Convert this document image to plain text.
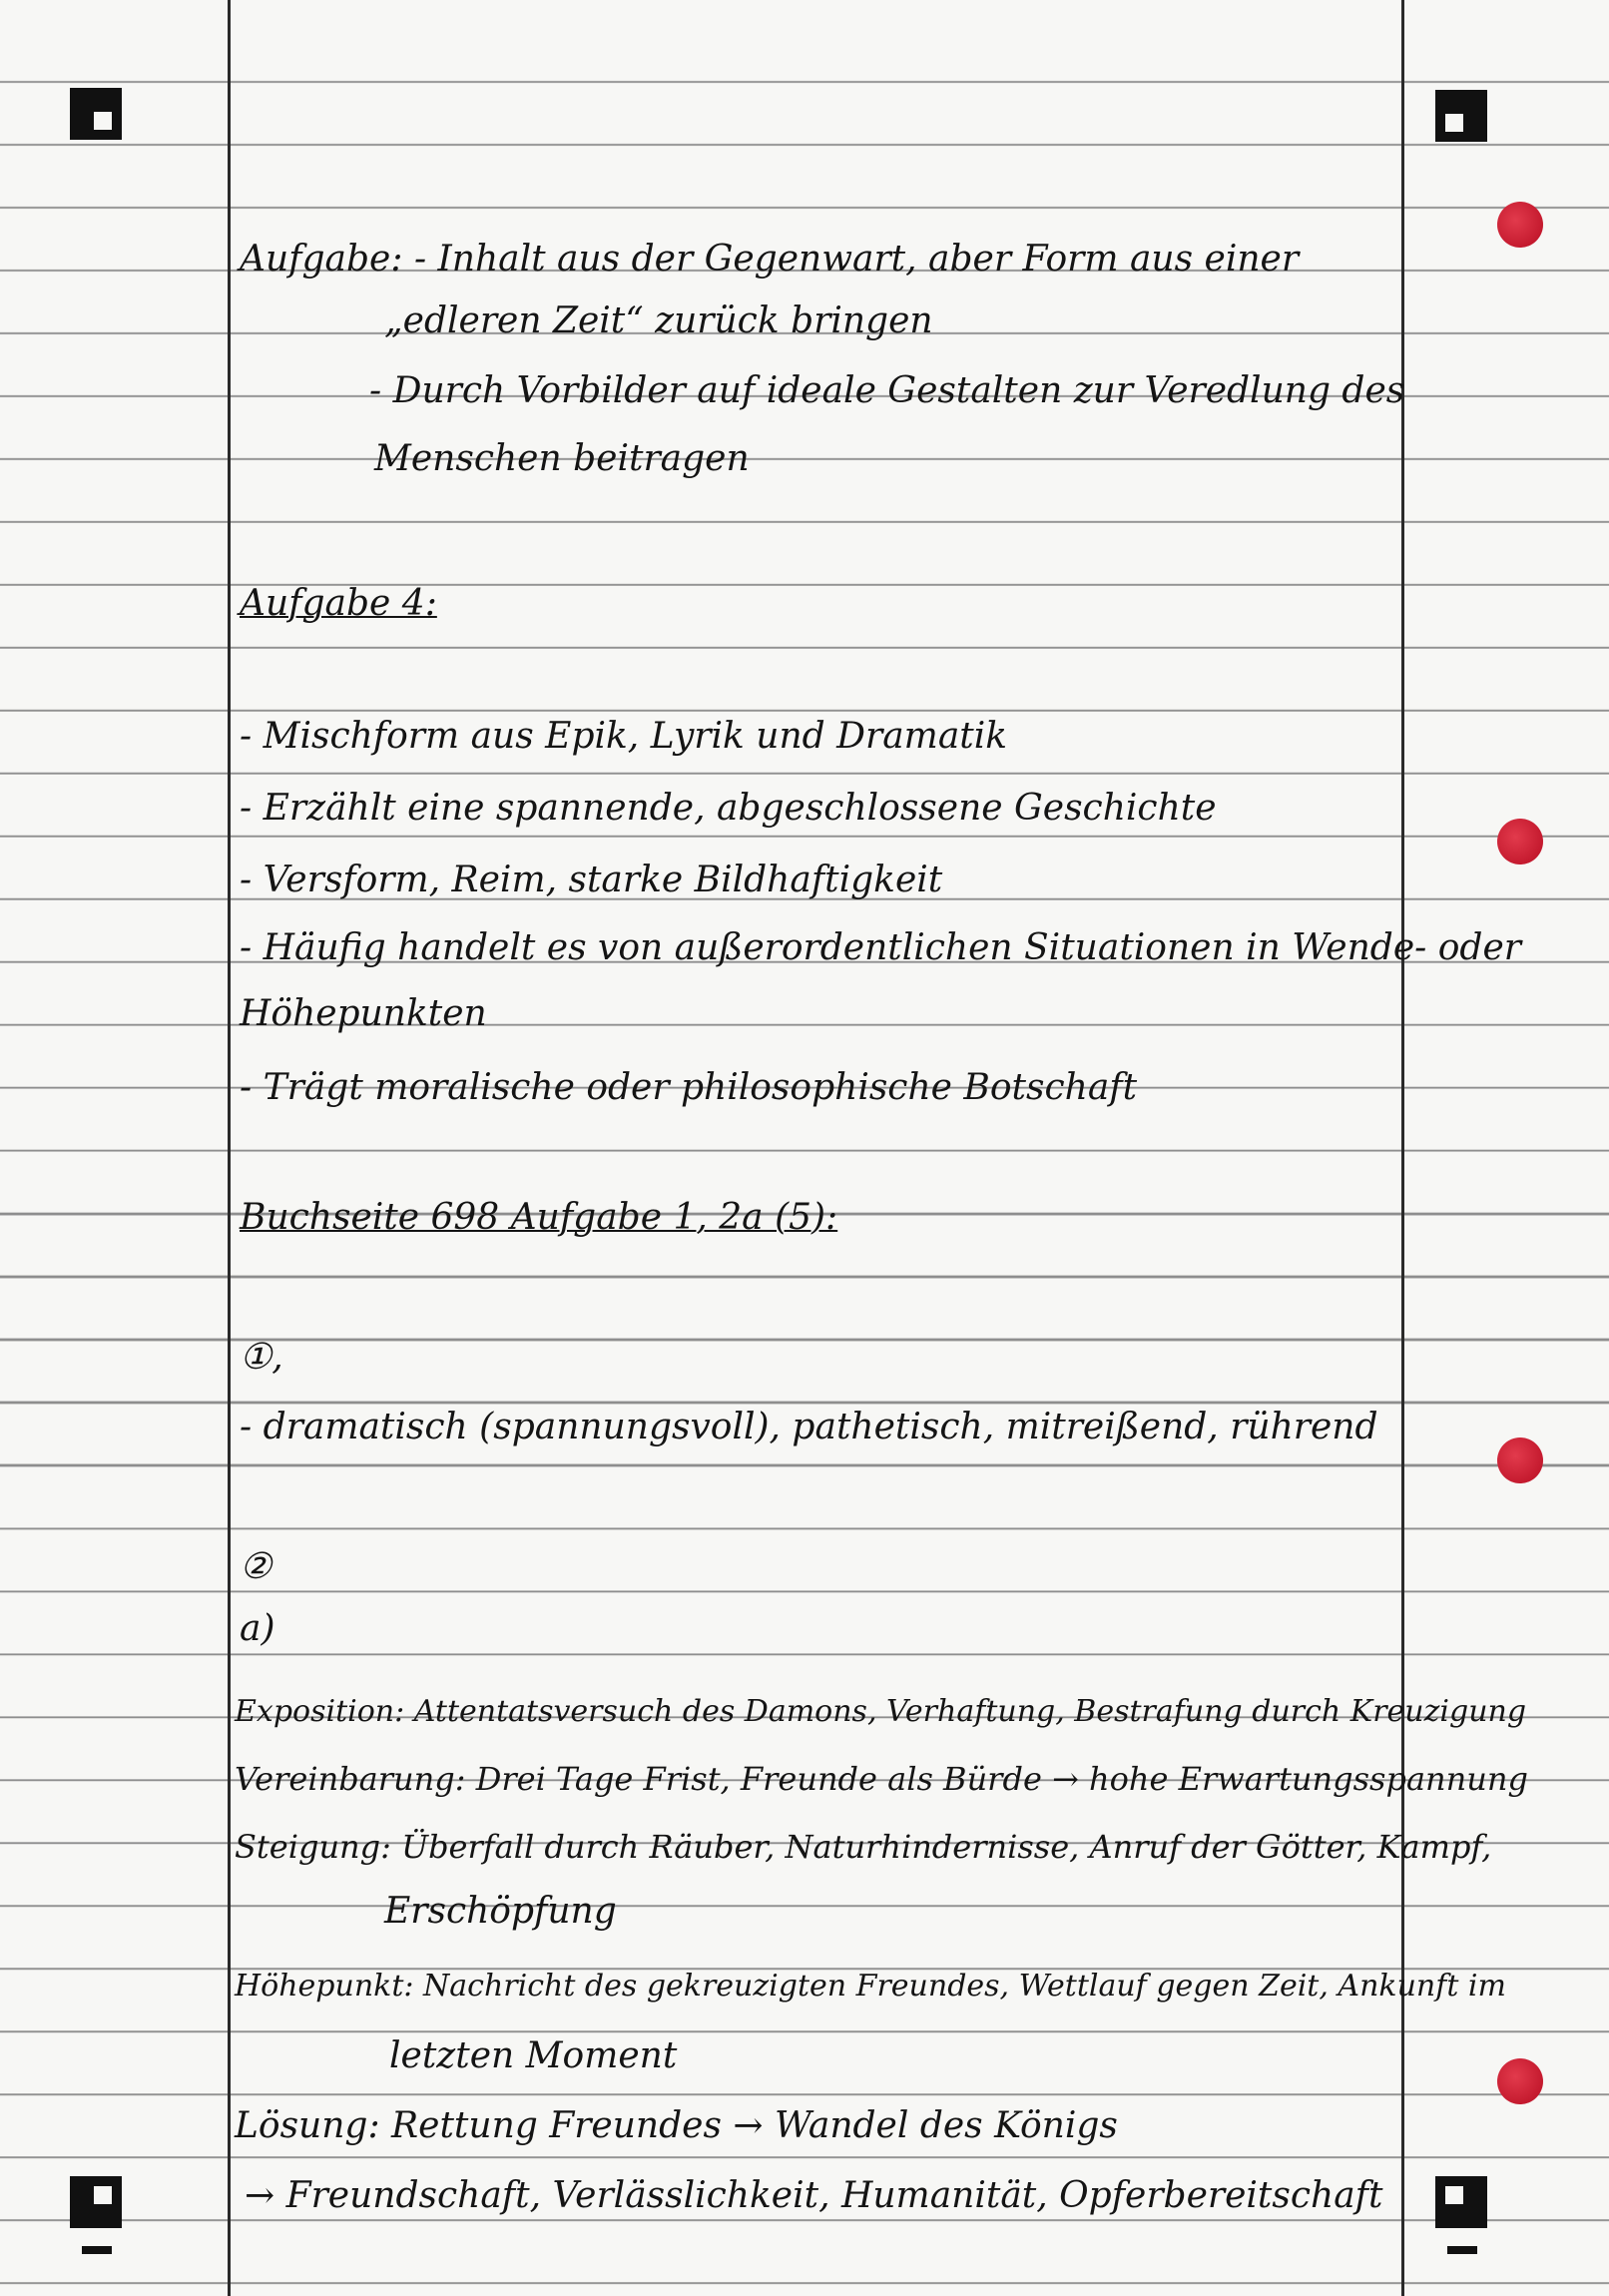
Aufgabe: - Inhalt aus der Gegenwart, aber Form aus einer
„edleren Zeit“ zurück bringen
- Durch Vorbilder auf ideale Gestalten zur Veredlung des
Menschen beitragen
Aufgabe 4:
- Mischform aus Epik, Lyrik und Dramatik
- Erzählt eine spannende, abgeschlossene Geschichte
- Versform, Reim, starke Bildhaftigkeit
- Häufig handelt es von außerordentlichen Situationen in Wende- oder
Höhepunkten
- Trägt moralische oder philosophische Botschaft
Buchseite 698 Aufgabe 1, 2a (5):
①,
- dramatisch (spannungsvoll), pathetisch, mitreißend, rührend
②
a)
Exposition: Attentatsversuch des Damons, Verhaftung, Bestrafung durch Kreuzigung
Vereinbarung: Drei Tage Frist, Freunde als Bürde → hohe Erwartungsspannung
Steigung: Überfall durch Räuber, Naturhindernisse, Anruf der Götter, Kampf,
Erschöpfung
Höhepunkt: Nachricht des gekreuzigten Freundes, Wettlauf gegen Zeit, Ankunft im
letzten Moment
Lösung: Rettung Freundes → Wandel des Königs
→ Freundschaft, Verlässlichkeit, Humanität, Opferbereitschaft
